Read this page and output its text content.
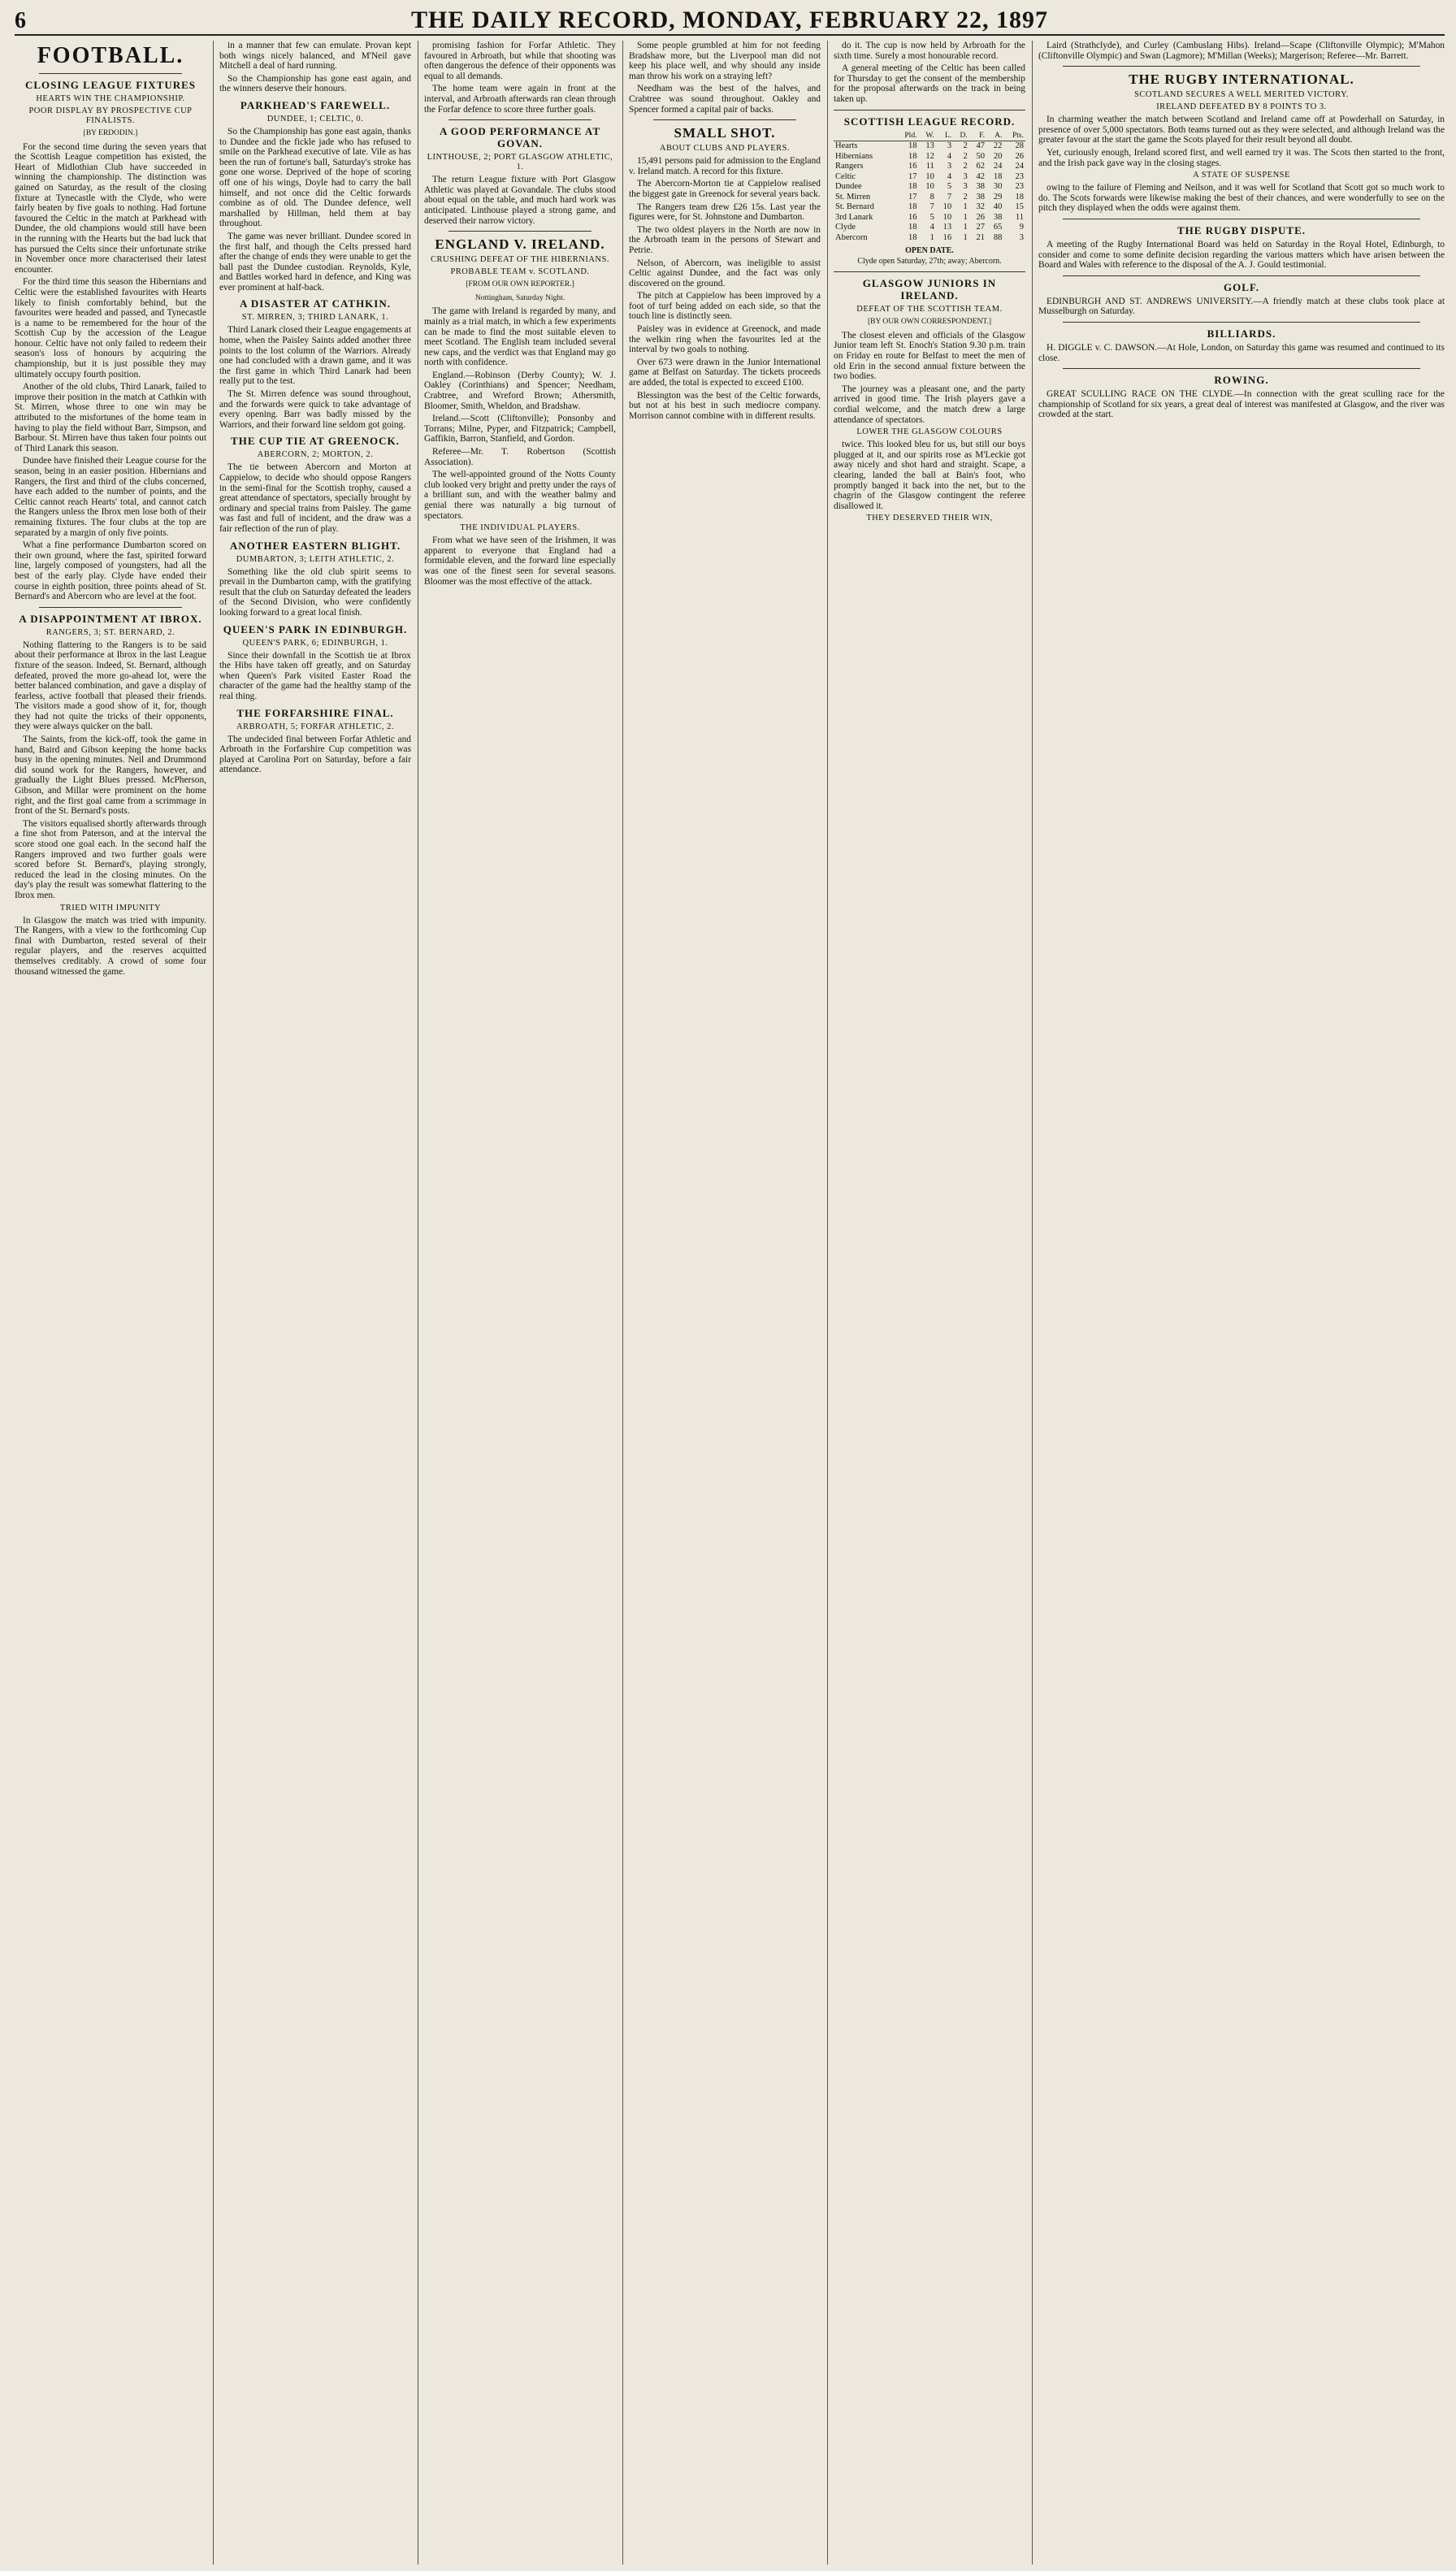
6	THE DAILY RECORD, MONDAY, FEBRUARY 22, 1897
FOOTBALL.
CLOSING LEAGUE FIXTURES
HEARTS WIN THE CHAMPIONSHIP.
POOR DISPLAY BY PROSPECTIVE CUP FINALISTS.
[BY ERDODIN.]

For the second time during the seven years that the Scottish League competition has existed, the Heart of Midlothian Club have succeeded in winning the championship. The distinction was gained on Saturday, as the result of the closing fixture at Tynecastle with the Clyde, who were fairly beaten by five goals to nothing. Had fortune favoured the Celtic in the match at Parkhead with Dundee, the old champions would still have been in the running with the Hearts but the bad luck that has pursued the Celts since their unfortunate strike in November once more characterised their latest encounter.

For the third time this season the Hibernians and Celtic were the established favourites with Hearts likely to finish comfortably behind, but the favourites were headed and passed, and Tynecastle is a name to be remembered for the hour of the Scottish Cup by the accession of the League honour. Celtic have not only failed to redeem their season's loss of honours by acquiring the championship, but it is just possible they may ultimately occupy fourth position.

Another of the old clubs, Third Lanark, failed to improve their position in the match at Cathkin with St. Mirren, whose three to one win may be attributed to the misfortunes of the home team in having to play the field without Barr, Simpson, and Barbour. St. Mirren have thus taken four points out of Third Lanark this season.

Dundee have finished their League course for the season, being in an easier position. Hibernians and Rangers, the first and third of the clubs concerned, have each added to the number of points, and the Celtic cannot reach Hearts' total, and cannot catch the Rangers unless the Ibrox men lose both of their remaining fixtures. The four clubs at the top are separated by a margin of only five points.

What a fine performance Dumbarton scored on their own ground, where the fast, spirited forward line, largely composed of youngsters, had all the best of the early play. Clyde have ended their course in eighth position, three points ahead of St. Bernard's and Abercorn who are level at the foot.

A DISAPPOINTMENT AT IBROX.
RANGERS, 3; ST. BERNARD, 2.

Nothing flattering to the Rangers is to be said about their performance at Ibrox in the last League fixture of the season. Indeed, St. Bernard, although defeated, proved the more go-ahead lot, were the better balanced combination, and gave a display of fearless, active football that pleased their friends. The visitors made a good show of it, for, though they had not quite the tricks of their opponents, they were always quicker on the ball.

The Saints, from the kick-off, took the game in hand, Baird and Gibson keeping the home backs busy in the opening minutes. Neil and Drummond did sound work for the Rangers, however, and gradually the Light Blues pressed. McPherson, Gibson, and Millar were prominent on the home right, and the first goal came from a scrimmage in front of the St. Bernard's posts.

The visitors equalised shortly afterwards through a fine shot from Paterson, and at the interval the score stood one goal each. In the second half the Rangers improved and two further goals were scored before St. Bernard's, playing strongly, reduced the lead in the closing minutes. On the day's play the result was somewhat flattering to the Ibrox men.

TRIED WITH IMPUNITY

In Glasgow the match was tried with impunity. The Rangers, with a view to the forthcoming Cup final with Dumbarton, rested several of their regular players, and the reserves acquitted themselves creditably. A crowd of some four thousand witnessed the game.

in a manner that few can emulate. Provan kept both wings nicely balanced, and M'Neil gave Mitchell a deal of hard running.

So the Championship has gone east again, and the winners deserve their honours.

PARKHEAD'S FAREWELL.
DUNDEE, 1; CELTIC, 0.

So the Championship has gone east again, thanks to Dundee and the fickle jade who has refused to smile on the Parkhead executive of late. Vile as has been the run of fortune's ball, Saturday's stroke has gone one worse. Deprived of the hope of scoring off one of his wings, Doyle had to carry the ball himself, and not once did the Celtic forwards combine as of old. The Dundee defence, well marshalled by Hillman, held them at bay throughout.

The game was never brilliant. Dundee scored in the first half, and though the Celts pressed hard after the change of ends they were unable to get the ball past the Dundee custodian. Reynolds, Kyle, and Battles worked hard in defence, and King was ever prominent at half-back.

A DISASTER AT CATHKIN.
ST. MIRREN, 3; THIRD LANARK, 1.

Third Lanark closed their League engagements at home, when the Paisley Saints added another three points to the lost column of the Warriors. Already one had concluded with a drawn game, and it was the first game in which Third Lanark had been really put to the test.

The St. Mirren defence was sound throughout, and the forwards were quick to take advantage of every opening. Barr was badly missed by the Warriors, and their forward line seldom got going.

THE CUP TIE AT GREENOCK.
ABERCORN, 2; MORTON, 2.

The tie between Abercorn and Morton at Cappielow, to decide who should oppose Rangers in the semi-final for the Scottish trophy, caused a great attendance of spectators, specially brought by ordinary and special trains from Paisley. The game was fast and full of incident, and the draw was a fair reflection of the run of play.

ANOTHER EASTERN BLIGHT.
DUMBARTON, 3; LEITH ATHLETIC, 2.

Something like the old club spirit seems to prevail in the Dumbarton camp, with the gratifying result that the club on Saturday defeated the leaders of the Second Division, who were confidently looking forward to a great local finish.

QUEEN'S PARK IN EDINBURGH.
QUEEN'S PARK, 6; EDINBURGH, 1.

Since their downfall in the Scottish tie at Ibrox the Hibs have taken off greatly, and on Saturday when Queen's Park visited Easter Road the character of the game had the healthy stamp of the real thing.

THE FORFARSHIRE FINAL.
ARBROATH, 5; FORFAR ATHLETIC, 2.

The undecided final between Forfar Athletic and Arbroath in the Forfarshire Cup competition was played at Carolina Port on Saturday, before a fair attendance.

promising fashion for Forfar Athletic. They favoured in Arbroath, but while that shooting was often dangerous the defence of their opponents was equal to all demands.

The home team were again in front at the interval, and Arbroath afterwards ran clean through the Forfar defence to score three further goals.

A GOOD PERFORMANCE AT GOVAN.
LINTHOUSE, 2; PORT GLASGOW ATHLETIC, 1.

The return League fixture with Port Glasgow Athletic was played at Govandale. The clubs stood about equal on the table, and much hard work was anticipated. Linthouse played a strong game, and deserved their narrow victory.

ENGLAND V. IRELAND.
CRUSHING DEFEAT OF THE HIBERNIANS.
PROBABLE TEAM v. SCOTLAND.
[FROM OUR OWN REPORTER.]
Nottingham, Saturday Night.

The game with Ireland is regarded by many, and mainly as a trial match, in which a few experiments can be made to find the most suitable eleven to meet Scotland. The English team included several new caps, and the verdict was that England may go north with confidence.

England.—Robinson (Derby County); W. J. Oakley (Corinthians) and Spencer; Needham, Crabtree, and Wreford Brown; Athersmith, Bloomer, Smith, Wheldon, and Bradshaw.

Ireland.—Scott (Cliftonville); Ponsonby and Torrans; Milne, Pyper, and Fitzpatrick; Campbell, Gaffikin, Barron, Stanfield, and Gordon.

Referee—Mr. T. Robertson (Scottish Association).

The well-appointed ground of the Notts County club looked very bright and pretty under the rays of a brilliant sun, and with the weather balmy and genial there was naturally a big turnout of spectators.

THE INDIVIDUAL PLAYERS.

From what we have seen of the Irishmen, it was apparent to everyone that England had a formidable eleven, and the forward line especially was one of the finest seen for several seasons. Bloomer was the most effective of the attack.

Some people grumbled at him for not feeding Bradshaw more, but the Liverpool man did not keep his place well, and why should any inside man throw his work on a straying left?

Needham was the best of the halves, and Crabtree was sound throughout. Oakley and Spencer formed a capital pair of backs.

SMALL SHOT.
ABOUT CLUBS AND PLAYERS.

15,491 persons paid for admission to the England v. Ireland match. A record for this fixture.

The Abercorn-Morton tie at Cappielow realised the biggest gate in Greenock for several years back.

The Rangers team drew £26 15s. Last year the figures were, for St. Johnstone and Dumbarton.

The two oldest players in the North are now in the Arbroath team in the persons of Stewart and Petrie.

Nelson, of Abercorn, was ineligible to assist Celtic against Dundee, and the fact was only discovered on the ground.

The pitch at Cappielow has been improved by a foot of turf being added on each side, so that the touch line is distinctly seen.

Paisley was in evidence at Greenock, and made the welkin ring when the favourites led at the interval by two goals to nothing.

Over 673 were drawn in the Junior International game at Belfast on Saturday. The tickets proceeds are added, the total is expected to exceed £100.

Blessington was the best of the Celtic forwards, but not at his best in such mediocre company. Morrison cannot combine with in different results.

do it. The cup is now held by Arbroath for the sixth time. Surely a most honourable record.

A general meeting of the Celtic has been called for Thursday to get the consent of the membership for the proposal afterwards on the track in being taken up.

SCOTTISH LEAGUE RECORD.
	Pld.	W.	L.	D.	F.	A.	Pts.
Hearts	18	13	3	2	47	22	28
Hibernians	18	12	4	2	50	20	26
Rangers	16	11	3	2	62	24	24
Celtic	17	10	4	3	42	18	23
Dundee	18	10	5	3	38	30	23
St. Mirren	17	8	7	2	38	29	18
St. Bernard	18	7	10	1	32	40	15
3rd Lanark	16	5	10	1	26	38	11
Clyde	18	4	13	1	27	65	9
Abercorn	18	1	16	1	21	88	3
OPEN DATE.
Clyde open Saturday, 27th; away; Abercorn.
GLASGOW JUNIORS IN IRELAND.
DEFEAT OF THE SCOTTISH TEAM.
[BY OUR OWN CORRESPONDENT.]

The closest eleven and officials of the Glasgow Junior team left St. Enoch's Station 9.30 p.m. train on Friday en route for Belfast to meet the men of old Erin in the second annual fixture between the two bodies.

The journey was a pleasant one, and the party arrived in good time. The Irish players gave a cordial welcome, and the match drew a large attendance of spectators.

LOWER THE GLASGOW COLOURS

twice. This looked bleu for us, but still our boys plugged at it, and our spirits rose as M'Leckie got away nicely and shot hard and straight. Scape, a clearing, landed the ball at Bain's foot, who promptly banged it back into the net, but to the chagrin of the Glasgow contingent the referee disallowed it.

THEY DESERVED THEIR WIN,

Laird (Strathclyde), and Curley (Cambuslang Hibs). Ireland—Scape (Cliftonville Olympic); M'Mahon (Cliftonville Olympic) and Swan (Lagmore); M'Millan (Weeks); Margerison; Referee—Mr. Barrett.

THE RUGBY INTERNATIONAL.
SCOTLAND SECURES A WELL MERITED VICTORY.
IRELAND DEFEATED BY 8 POINTS TO 3.

In charming weather the match between Scotland and Ireland came off at Powderhall on Saturday, in presence of over 5,000 spectators. Both teams turned out as they were selected, and although Ireland was the greater favour at the start the game the Scots played for their result beyond all doubt.

Yet, curiously enough, Ireland scored first, and well earned try it was. The Scots then started to the front, and the Irish pack gave way in the closing stages.

A STATE OF SUSPENSE

owing to the failure of Fleming and Neilson, and it was well for Scotland that Scott got so much work to do. The Scots forwards were likewise making the best of their chances, and were wonderfully to see on the pitch they displayed when the odds were against them.

THE RUGBY DISPUTE.

A meeting of the Rugby International Board was held on Saturday in the Royal Hotel, Edinburgh, to consider and come to some definite decision regarding the various matters which have arisen between the Board and Wales with reference to the disposal of the A. J. Gould testimonial.

GOLF.

EDINBURGH AND ST. ANDREWS UNIVERSITY.—A friendly match at these clubs took place at Musselburgh on Saturday.

BILLIARDS.

H. DIGGLE v. C. DAWSON.—At Hole, London, on Saturday this game was resumed and continued to its close.

ROWING.

GREAT SCULLING RACE ON THE CLYDE.—In connection with the great sculling race for the championship of Scotland for six years, a great deal of interest was manifested at Glasgow, and the river was crowded at the start.
